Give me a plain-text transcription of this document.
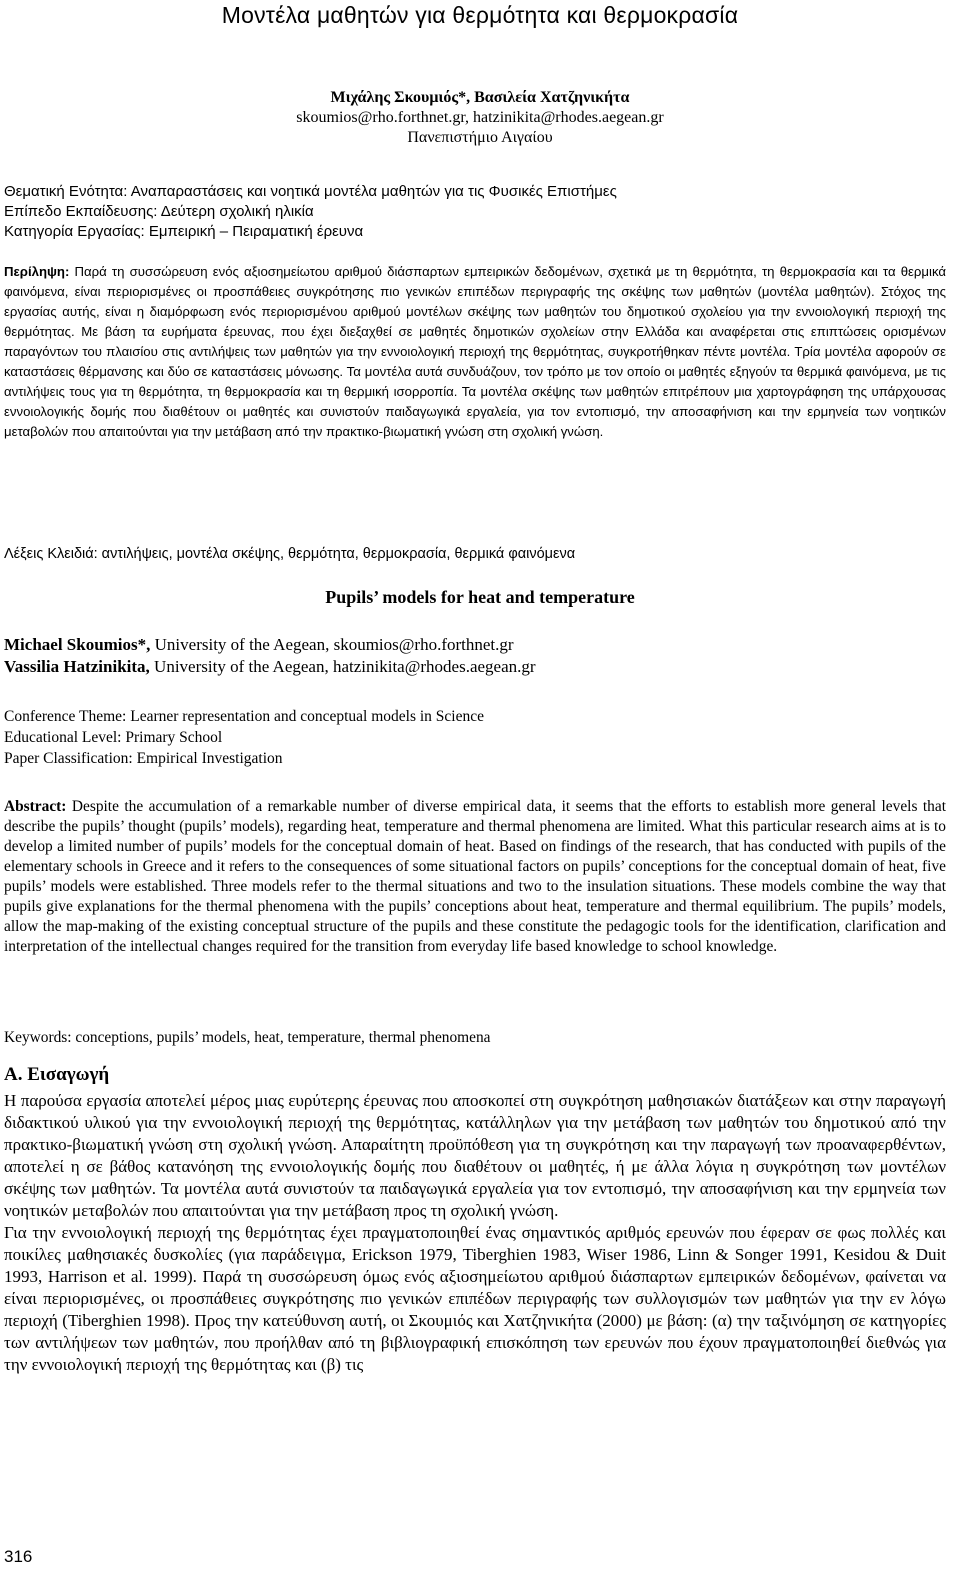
Μοντέλα μαθητών για θερμότητα και θερμοκρασία
Μιχάλης Σκουμιός*, Βασιλεία Χατζηνικήτα
skoumios@rho.forthnet.gr, hatzinikita@rhodes.aegean.gr
Πανεπιστήμιο Αιγαίου
Θεματική Ενότητα: Αναπαραστάσεις και νοητικά μοντέλα μαθητών για τις Φυσικές Επιστήμες
Επίπεδο Εκπαίδευσης: Δεύτερη σχολική ηλικία
Κατηγορία Εργασίας: Εμπειρική – Πειραματική έρευνα
Περίληψη: Παρά τη συσσώρευση ενός αξιοσημείωτου αριθμού διάσπαρτων εμπειρικών δεδομένων, σχετικά με τη θερμότητα, τη θερμοκρασία και τα θερμικά φαινόμενα, είναι περιορισμένες οι προσπάθειες συγκρότησης πιο γενικών επιπέδων περιγραφής της σκέψης των μαθητών (μοντέλα μαθητών). Στόχος της εργασίας αυτής, είναι η διαμόρφωση ενός περιορισμένου αριθμού μοντέλων σκέψης των μαθητών του δημοτικού σχολείου για την εννοιολογική περιοχή της θερμότητας. Με βάση τα ευρήματα έρευνας, που έχει διεξαχθεί σε μαθητές δημοτικών σχολείων στην Ελλάδα και αναφέρεται στις επιπτώσεις ορισμένων παραγόντων του πλαισίου στις αντιλήψεις των μαθητών για την εννοιολογική περιοχή της θερμότητας, συγκροτήθηκαν πέντε μοντέλα. Τρία μοντέλα αφορούν σε καταστάσεις θέρμανσης και δύο σε καταστάσεις μόνωσης. Τα μοντέλα αυτά συνδυάζουν, τον τρόπο με τον οποίο οι μαθητές εξηγούν τα θερμικά φαινόμενα, με τις αντιλήψεις τους για τη θερμότητα, τη θερμοκρασία και τη θερμική ισορροπία. Τα μοντέλα σκέψης των μαθητών επιτρέπουν μια χαρτογράφηση της υπάρχουσας εννοιολογικής δομής που διαθέτουν οι μαθητές και συνιστούν παιδαγωγικά εργαλεία, για τον εντοπισμό, την αποσαφήνιση και την ερμηνεία των νοητικών μεταβολών που απαιτούνται για την μετάβαση από την πρακτικο-βιωματική γνώση στη σχολική γνώση.
Λέξεις Κλειδιά: αντιλήψεις, μοντέλα σκέψης, θερμότητα, θερμοκρασία, θερμικά φαινόμενα
Pupils’ models for heat and temperature
Michael Skoumios*, University of the Aegean, skoumios@rho.forthnet.gr
Vassilia Hatzinikita, University of the Aegean, hatzinikita@rhodes.aegean.gr
Conference Theme: Learner representation and conceptual models in Science
Educational Level: Primary School
Paper Classification: Empirical Investigation
Abstract: Despite the accumulation of a remarkable number of diverse empirical data, it seems that the efforts to establish more general levels that describe the pupils’ thought (pupils’ models), regarding heat, temperature and thermal phenomena are limited. What this particular research aims at is to develop a limited number of pupils’ models for the conceptual domain of heat. Based on findings of the research, that has conducted with pupils of the elementary schools in Greece and it refers to the consequences of some situational factors on pupils’ conceptions for the conceptual domain of heat, five pupils’ models were established. Three models refer to the thermal situations and two to the insulation situations. These models combine the way that pupils give explanations for the thermal phenomena with the pupils’ conceptions about heat, temperature and thermal equilibrium. The pupils’ models, allow the map-making of the existing conceptual structure of the pupils and these constitute the pedagogic tools for the identification, clarification and interpretation of the intellectual changes required for the transition from everyday life based knowledge to school knowledge.
Keywords: conceptions, pupils’ models, heat, temperature, thermal phenomena
Α. Εισαγωγή

Η παρούσα εργασία αποτελεί μέρος μιας ευρύτερης έρευνας που αποσκοπεί στη συγκρότηση μαθησιακών διατάξεων και στην παραγωγή διδακτικού υλικού για την εννοιολογική περιοχή της θερμότητας, κατάλληλων για την μετάβαση των μαθητών του δημοτικού από την πρακτικο-βιωματική γνώση στη σχολική γνώση. Απαραίτητη προϋπόθεση για τη συγκρότηση και την παραγωγή των προαναφερθέντων, αποτελεί η σε βάθος κατανόηση της εννοιολογικής δομής που διαθέτουν οι μαθητές, ή με άλλα λόγια η συγκρότηση των μοντέλων σκέψης των μαθητών. Τα μοντέλα αυτά συνιστούν τα παιδαγωγικά εργαλεία για τον εντοπισμό, την αποσαφήνιση και την ερμηνεία των νοητικών μεταβολών που απαιτούνται για την μετάβαση προς τη σχολική γνώση.

Για την εννοιολογική περιοχή της θερμότητας έχει πραγματοποιηθεί ένας σημαντικός αριθμός ερευνών που έφεραν σε φως πολλές και ποικίλες μαθησιακές δυσκολίες (για παράδειγμα, Erickson 1979, Tiberghien 1983, Wiser 1986, Linn & Songer 1991, Kesidou & Duit 1993, Harrison et al. 1999). Παρά τη συσσώρευση όμως ενός αξιοσημείωτου αριθμού διάσπαρτων εμπειρικών δεδομένων, φαίνεται να είναι περιορισμένες, οι προσπάθειες συγκρότησης πιο γενικών επιπέδων περιγραφής των συλλογισμών των μαθητών για την εν λόγω περιοχή (Tiberghien 1998). Προς την κατεύθυνση αυτή, οι Σκουμιός και Χατζηνικήτα (2000) με βάση: (α) την ταξινόμηση σε κατηγορίες των αντιλήψεων των μαθητών, που προήλθαν από τη βιβλιογραφική επισκόπηση των ερευνών που έχουν πραγματοποιηθεί διεθνώς για την εννοιολογική περιοχή της θερμότητας και (β) τις

316
